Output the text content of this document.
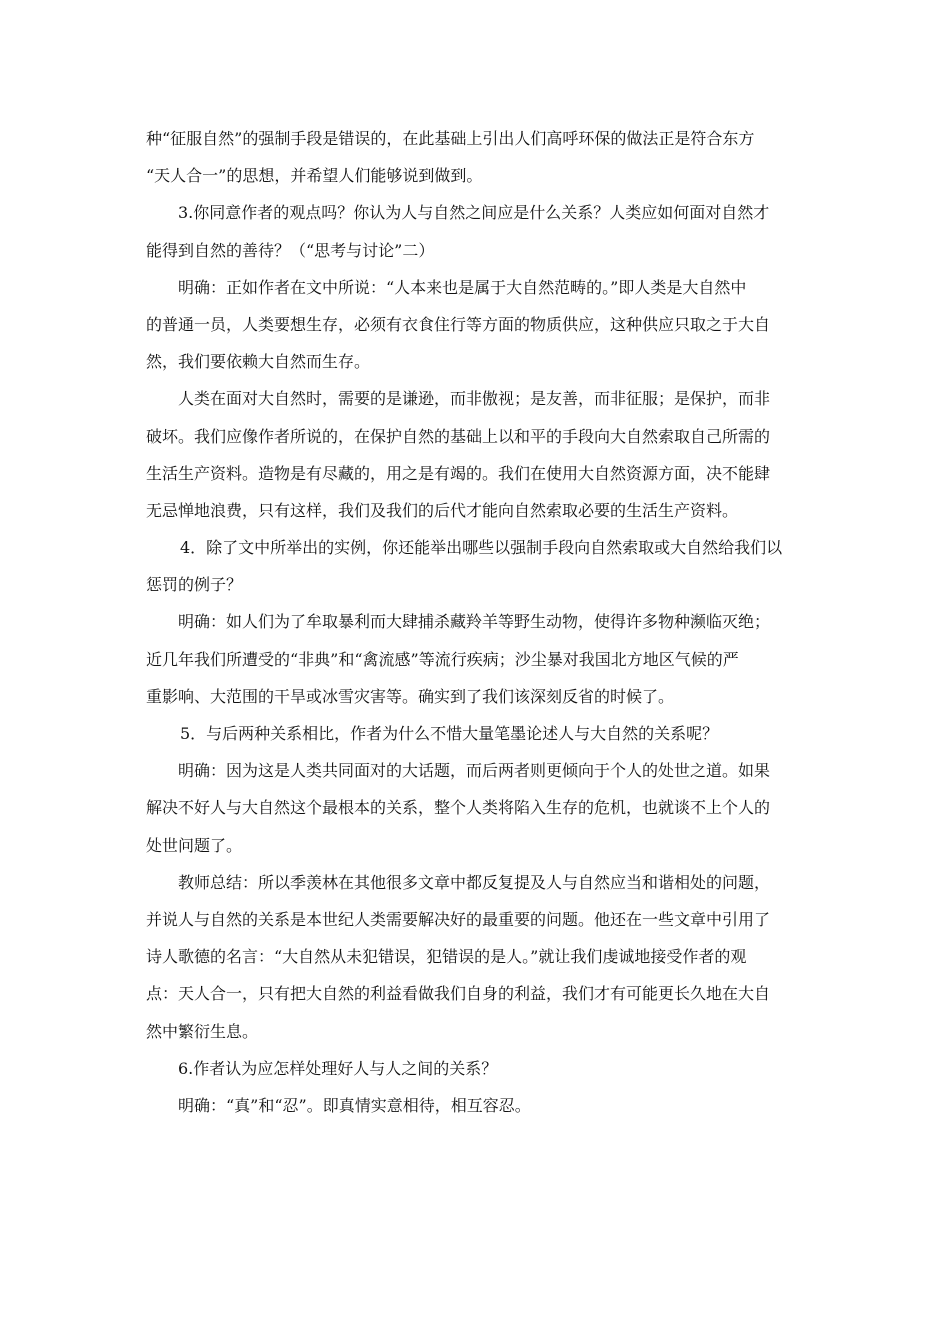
种“征服自然”的强制手段是错误的，在此基础上引出人们高呼环保的做法正是符合东方
“天人合一”的思想，并希望人们能够说到做到。
3.你同意作者的观点吗？你认为人与自然之间应是什么关系？人类应如何面对自然才
能得到自然的善待？（“思考与讨论”二）
明确：正如作者在文中所说：“人本来也是属于大自然范畴的。”即人类是大自然中
的普通一员，人类要想生存，必须有衣食住行等方面的物质供应，这种供应只取之于大自
然，我们要依赖大自然而生存。
人类在面对大自然时，需要的是谦逊，而非傲视；是友善，而非征服；是保护，而非
破坏。我们应像作者所说的，在保护自然的基础上以和平的手段向大自然索取自己所需的
生活生产资料。造物是有尽藏的，用之是有竭的。我们在使用大自然资源方面，决不能肆
无忌惮地浪费，只有这样，我们及我们的后代才能向自然索取必要的生活生产资料。
4．除了文中所举出的实例，你还能举出哪些以强制手段向自然索取或大自然给我们以
惩罚的例子？
明确：如人们为了牟取暴利而大肆捕杀藏羚羊等野生动物，使得许多物种濒临灭绝；
近几年我们所遭受的“非典”和“禽流感”等流行疾病；沙尘暴对我国北方地区气候的严
重影响、大范围的干旱或冰雪灾害等。确实到了我们该深刻反省的时候了。
5．与后两种关系相比，作者为什么不惜大量笔墨论述人与大自然的关系呢？
明确：因为这是人类共同面对的大话题，而后两者则更倾向于个人的处世之道。如果
解决不好人与大自然这个最根本的关系，整个人类将陷入生存的危机，也就谈不上个人的
处世问题了。
教师总结：所以季羡林在其他很多文章中都反复提及人与自然应当和谐相处的问题，
并说人与自然的关系是本世纪人类需要解决好的最重要的问题。他还在一些文章中引用了
诗人歌德的名言：“大自然从未犯错误，犯错误的是人。”就让我们虔诚地接受作者的观
点：天人合一，只有把大自然的利益看做我们自身的利益，我们才有可能更长久地在大自
然中繁衍生息。
6.作者认为应怎样处理好人与人之间的关系？
明确：“真”和“忍”。即真情实意相待，相互容忍。
